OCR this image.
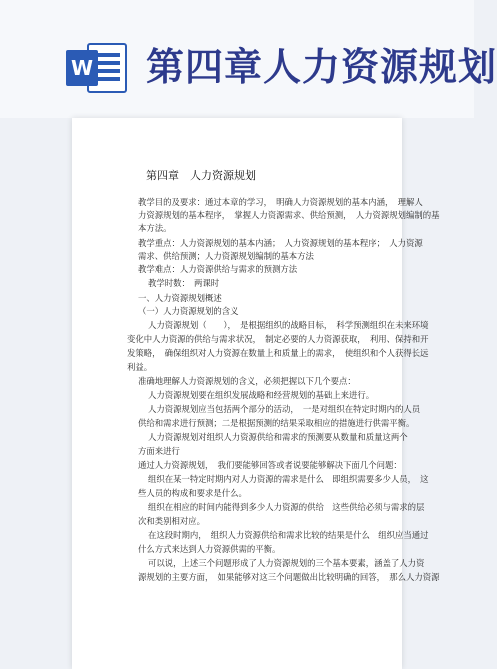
W 第四章人力资源规划
第四章　人力资源规划
教学目的及要求：通过本章的学习，　明确人力资源规划的基本内涵，　理解人
力资源规划的基本程序，　掌握人力资源需求、供给预测，　人力资源规划编制的基
本方法。
教学重点：人力资源规划的基本内涵；　人力资源规划的基本程序；　人力资源
需求、供给预测；人力资源规划编制的基本方法
教学难点：人力资源供给与需求的预测方法
教学时数：　两课时
一、人力资源规划概述
（一）人力资源规划的含义
人力资源规划（　　），　是根据组织的战略目标，　科学预测组织在未来环境
变化中人力资源的供给与需求状况，　制定必要的人力资源获取，　利用、保持和开
发策略，　确保组织对人力资源在数量上和质量上的需求，　使组织和个人获得长远
利益。
准确地理解人力资源规划的含义，必须把握以下几个要点：
人力资源规划要在组织发展战略和经营规划的基础上来进行。
人力资源规划应当包括两个部分的活动，　一是对组织在特定时期内的人员
供给和需求进行预测；二是根据预测的结果采取相应的措施进行供需平衡。
人力资源规划对组织人力资源供给和需求的预测要从数量和质量这两个
方面来进行
通过人力资源规划，　我们要能够回答或者说要能够解决下面几个问题：
组织在某一特定时期内对人力资源的需求是什么　即组织需要多少人员，　这
些人员的构成和要求是什么。
组织在相应的时间内能得到多少人力资源的供给　这些供给必须与需求的层
次和类别相对应。
在这段时期内，　组织人力资源供给和需求比较的结果是什么　组织应当通过
什么方式来达到人力资源供需的平衡。
可以说，上述三个问题形成了人力资源规划的三个基本要素，涵盖了人力资
源规划的主要方面，　如果能够对这三个问题做出比较明确的回答，　那么人力资源
